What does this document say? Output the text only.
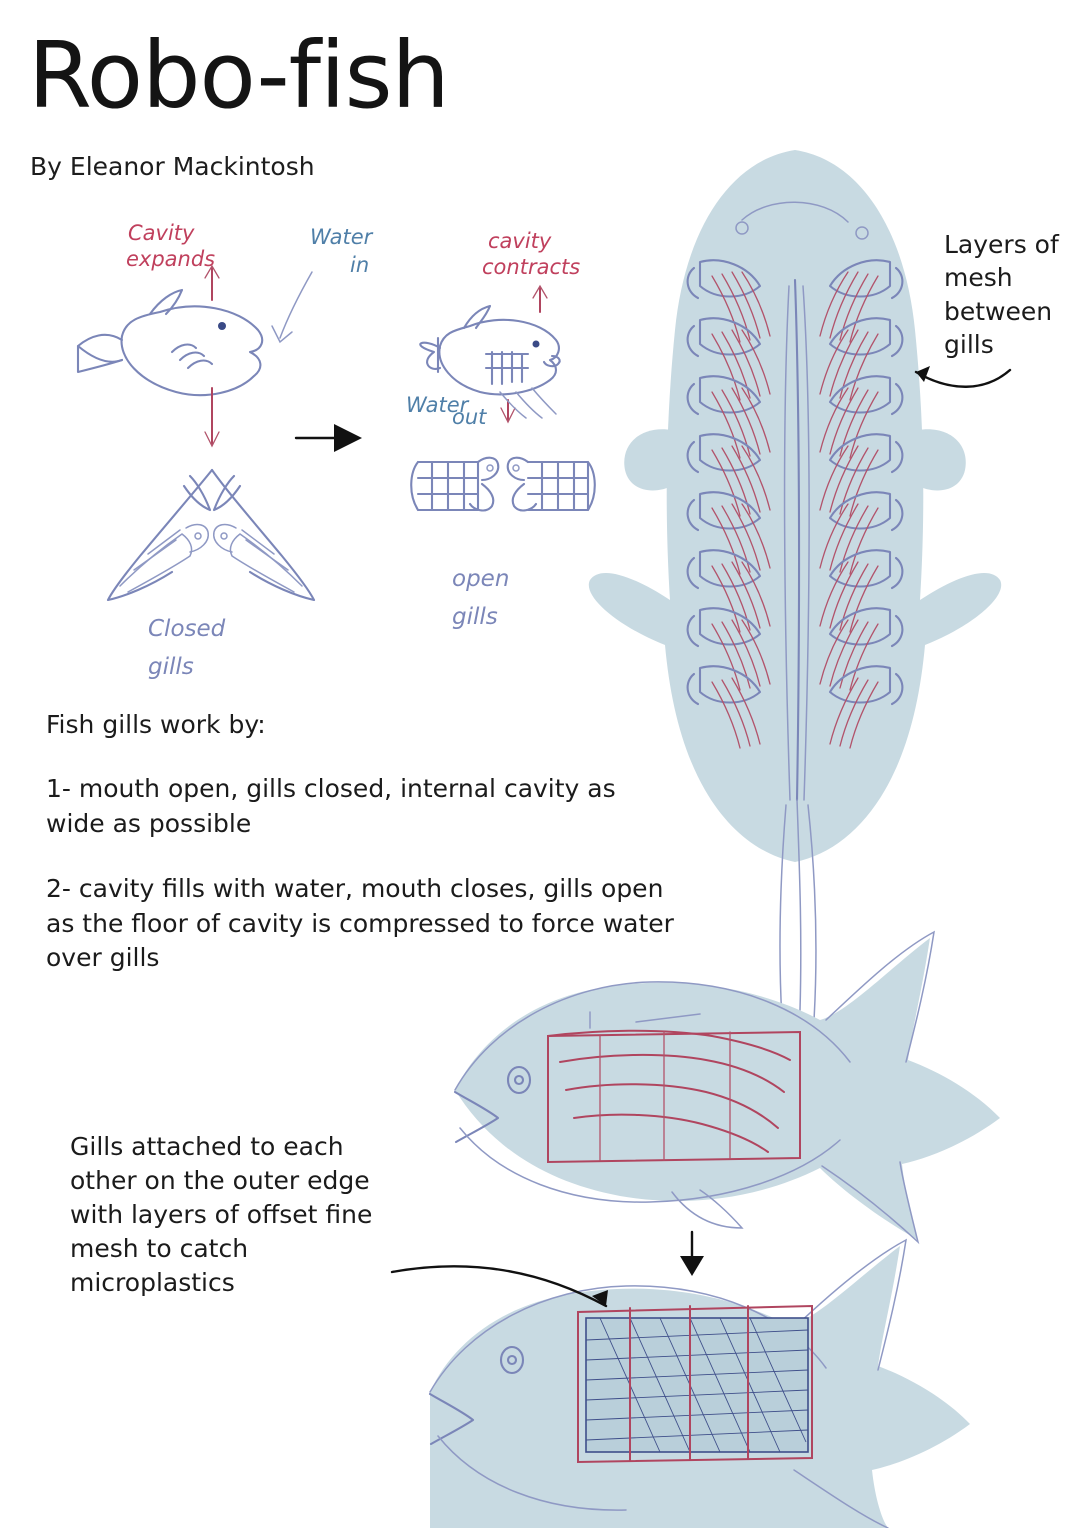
Robo-fish
By Eleanor Mackintosh
Fish gills work by:
1- mouth open, gills closed, internal cavity as wide as possible
2- cavity fills with water, mouth closes, gills open as the floor of cavity is compressed to force water over gills
Layers of mesh between gills
Gills attached to each other on the outer edge with layers of offset fine mesh to catch microplastics
Cavity
expands
Water
in
Closed
gills
cavity
contracts
Water
out
open
gills
